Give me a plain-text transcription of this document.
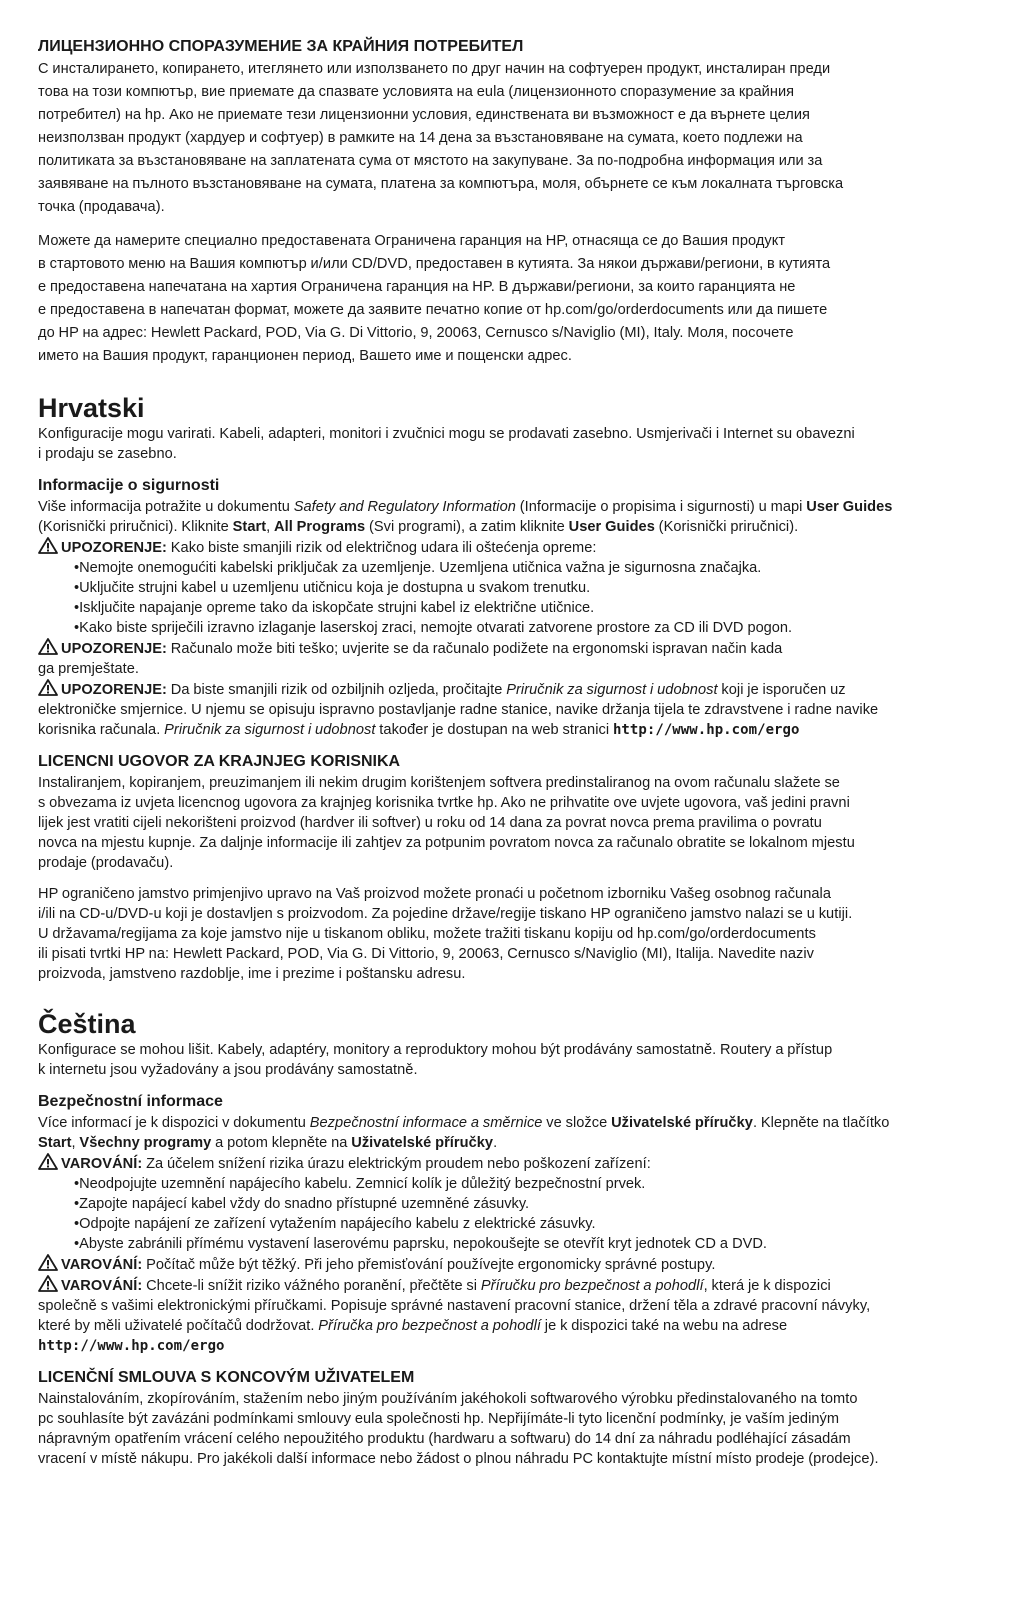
ЛИЦЕНЗИОННО СПОРАЗУМЕНИЕ ЗА КРАЙНИЯ ПОТРЕБИТЕЛ

С инсталирането, копирането, итеглянето или използването по друг начин на софтуерен продукт, инсталиран преди

това на този компютър, вие приемате да спазвате условията на eula (лицензионното споразумение за крайния

потребител) на hp. Ако не приемате тези лицензионни условия, единствената ви възможност е да върнете целия

неизползван продукт (хардуер и софтуер) в рамките на 14 дена за възстановяване на сумата, което подлежи на

политиката за възстановяване на заплатената сума от мястото на закупуване. За по-подробна информация или за

заявяване на пълното възстановяване на сумата, платена за компютъра, моля, обърнете се към локалната търговска

точка (продавача).

Можете да намерите специално предоставената Ограничена гаранция на HP, отнасяща се до Вашия продукт

в стартовото меню на Вашия компютър и/или CD/DVD, предоставен в кутията. За някои държави/региони, в кутията

е предоставена напечатана на хартия Ограничена гаранция на HP. В държави/региони, за които гаранцията не

е предоставена в напечатан формат, можете да заявите печатно копие от hp.com/go/orderdocuments или да пишете

до HP на адрес: Hewlett Packard, POD, Via G. Di Vittorio, 9, 20063, Cernusco s/Naviglio (MI), Italy. Моля, посочете

името на Вашия продукт, гаранционен период, Вашето име и пощенски адрес.

Hrvatski

Konfiguracije mogu varirati. Kabeli, adapteri, monitori i zvučnici mogu se prodavati zasebno. Usmjerivači i Internet su obavezni

i prodaju se zasebno.

Informacije o sigurnosti

Više informacija potražite u dokumentu Safety and Regulatory Information (Informacije o propisima i sigurnosti) u mapi User Guides

(Korisnički priručnici). Kliknite Start, All Programs (Svi programi), a zatim kliknite User Guides (Korisnički priručnici).

UPOZORENJE: Kako biste smanjili rizik od električnog udara ili oštećenja opreme:

• Nemojte onemogućiti kabelski priključak za uzemljenje. Uzemljena utičnica važna je sigurnosna značajka.
• Uključite strujni kabel u uzemljenu utičnicu koja je dostupna u svakom trenutku.
• Isključite napajanje opreme tako da iskopčate strujni kabel iz električne utičnice.
• Kako biste spriječili izravno izlaganje laserskoj zraci, nemojte otvarati zatvorene prostore za CD ili DVD pogon.

UPOZORENJE: Računalo može biti teško; uvjerite se da računalo podižete na ergonomski ispravan način kada

ga premještate.

UPOZORENJE: Da biste smanjili rizik od ozbiljnih ozljeda, pročitajte Priručnik za sigurnost i udobnost koji je isporučen uz

elektroničke smjernice. U njemu se opisuju ispravno postavljanje radne stanice, navike držanja tijela te zdravstvene i radne navike

korisnika računala. Priručnik za sigurnost i udobnost također je dostupan na web stranici http://www.hp.com/ergo

LICENCNI UGOVOR ZA KRAJNJEG KORISNIKA

Instaliranjem, kopiranjem, preuzimanjem ili nekim drugim korištenjem softvera predinstaliranog na ovom računalu slažete se

s obvezama iz uvjeta licencnog ugovora za krajnjeg korisnika tvrtke hp. Ako ne prihvatite ove uvjete ugovora, vaš jedini pravni

lijek jest vratiti cijeli nekorišteni proizvod (hardver ili softver) u roku od 14 dana za povrat novca prema pravilima o povratu

novca na mjestu kupnje. Za daljnje informacije ili zahtjev za potpunim povratom novca za računalo obratite se lokalnom mjestu

prodaje (prodavaču).

HP ograničeno jamstvo primjenjivo upravo na Vaš proizvod možete pronaći u početnom izborniku Vašeg osobnog računala

i/ili na CD-u/DVD-u koji je dostavljen s proizvodom. Za pojedine države/regije tiskano HP ograničeno jamstvo nalazi se u kutiji.

U državama/regijama za koje jamstvo nije u tiskanom obliku, možete tražiti tiskanu kopiju od hp.com/go/orderdocuments

ili pisati tvrtki HP na: Hewlett Packard, POD, Via G. Di Vittorio, 9, 20063, Cernusco s/Naviglio (MI), Italija. Navedite naziv

proizvoda, jamstveno razdoblje, ime i prezime i poštansku adresu.

Čeština

Konfigurace se mohou lišit. Kabely, adaptéry, monitory a reproduktory mohou být prodávány samostatně. Routery a přístup

k internetu jsou vyžadovány a jsou prodávány samostatně.

Bezpečnostní informace

Více informací je k dispozici v dokumentu Bezpečnostní informace a směrnice ve složce Uživatelské příručky. Klepněte na tlačítko

Start, Všechny programy a potom klepněte na Uživatelské příručky.

VAROVÁNÍ: Za účelem snížení rizika úrazu elektrickým proudem nebo poškození zařízení:

• Neodpojujte uzemnění napájecího kabelu. Zemnicí kolík je důležitý bezpečnostní prvek.
• Zapojte napájecí kabel vždy do snadno přístupné uzemněné zásuvky.
• Odpojte napájení ze zařízení vytažením napájecího kabelu z elektrické zásuvky.
• Abyste zabránili přímému vystavení laserovému paprsku, nepokoušejte se otevřít kryt jednotek CD a DVD.

VAROVÁNÍ: Počítač může být těžký. Při jeho přemisťování používejte ergonomicky správné postupy.

VAROVÁNÍ: Chcete-li snížit riziko vážného poranění, přečtěte si Příručku pro bezpečnost a pohodlí, která je k dispozici

společně s vašimi elektronickými příručkami. Popisuje správné nastavení pracovní stanice, držení těla a zdravé pracovní návyky,

které by měli uživatelé počítačů dodržovat. Příručka pro bezpečnost a pohodlí je k dispozici také na webu na adrese

http://www.hp.com/ergo

LICENČNÍ SMLOUVA S KONCOVÝM UŽIVATELEM

Nainstalováním, zkopírováním, stažením nebo jiným používáním jakéhokoli softwarového výrobku předinstalovaného na tomto

pc souhlasíte být zavázáni podmínkami smlouvy eula společnosti hp. Nepřijímáte-li tyto licenční podmínky, je vaším jediným

nápravným opatřením vrácení celého nepoužitého produktu (hardwaru a softwaru) do 14 dní za náhradu podléhající zásadám

vracení v místě nákupu. Pro jakékoli další informace nebo žádost o plnou náhradu PC kontaktujte místní místo prodeje (prodejce).
